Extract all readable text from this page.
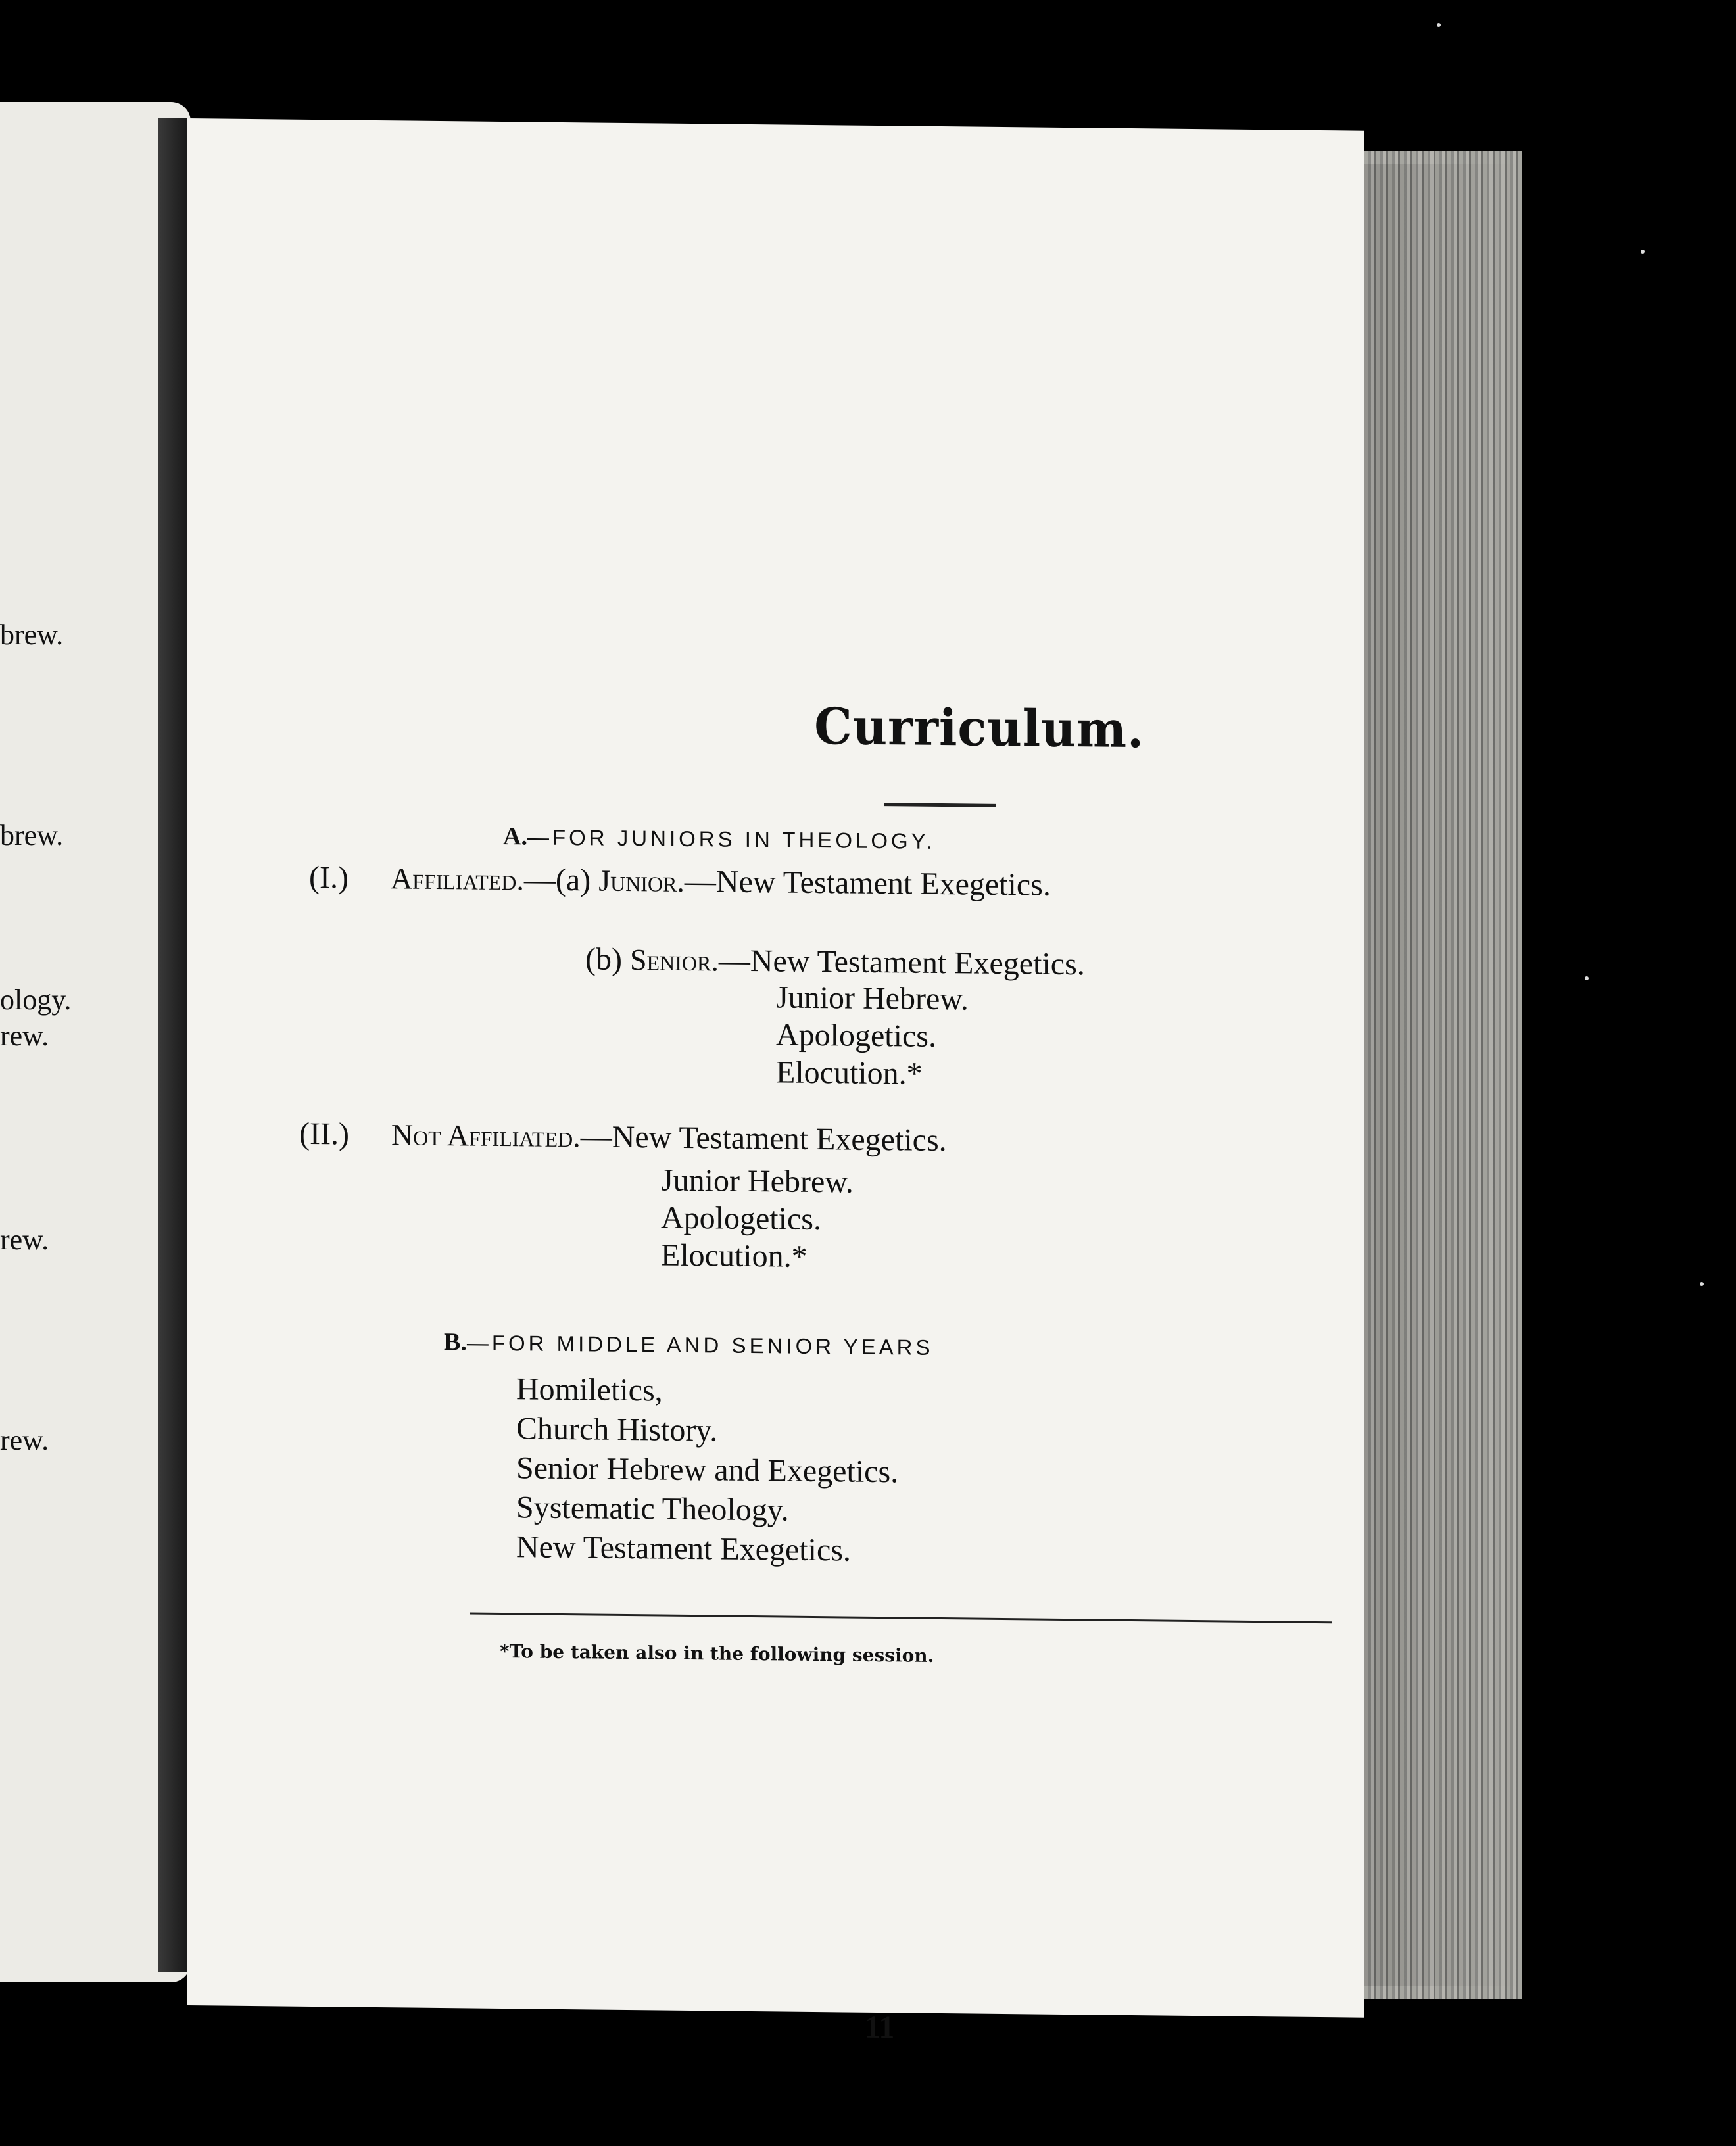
brew.
brew.
ology.
rew.
rew.
rew.
Curriculum.
A.—FOR JUNIORS IN THEOLOGY.
(I.) Affiliated.—(a) Junior.—New Testament Exegetics.
(b) Senior.—New Testament Exegetics.
Junior Hebrew.
Apologetics.
Elocution.*
(II.) Not Affiliated.—New Testament Exegetics.
Junior Hebrew.
Apologetics.
Elocution.*
B.—FOR MIDDLE AND SENIOR YEARS
Homiletics,
Church History.
Senior Hebrew and Exegetics.
Systematic Theology.
New Testament Exegetics.
*To be taken also in the following session.
11
